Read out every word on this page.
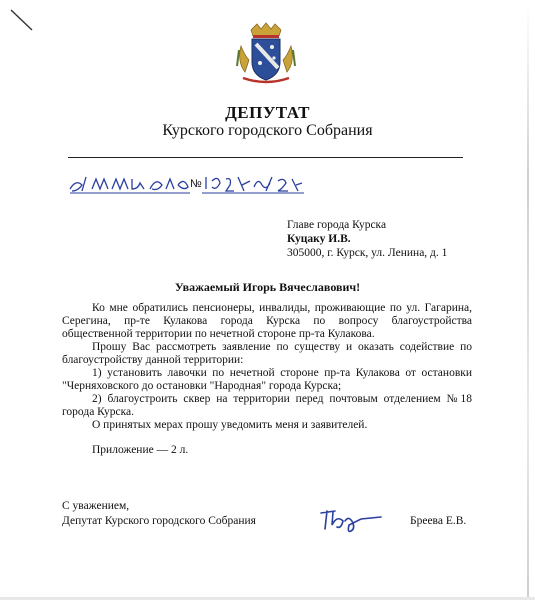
ДЕПУТАТ
Курского городского Собрания
№
Главе города Курска
Куцаку И.В.
305000, г. Курск, ул. Ленина, д. 1
Уважаемый Игорь Вячеславович!

Ко мне обратились пенсионеры, инвалиды, проживающие по ул. Гагарина, Серегина, пр-те Кулакова города Курска по вопросу благоустройства общественной территории по нечетной стороне пр-та Кулакова.

Прошу Вас рассмотреть заявление по существу и оказать содействие по благоустройству данной территории:

1) установить лавочки по нечетной стороне пр-та Кулакова от остановки "Черняховского до остановки "Народная" города Курска;

2) благоустроить сквер на территории перед почтовым отделением №18 города Курска.

О принятых мерах прошу уведомить меня и заявителей.

Приложение — 2 л.

С уважением,
Депутат Курского городского Собрания	Бреева Е.В.
